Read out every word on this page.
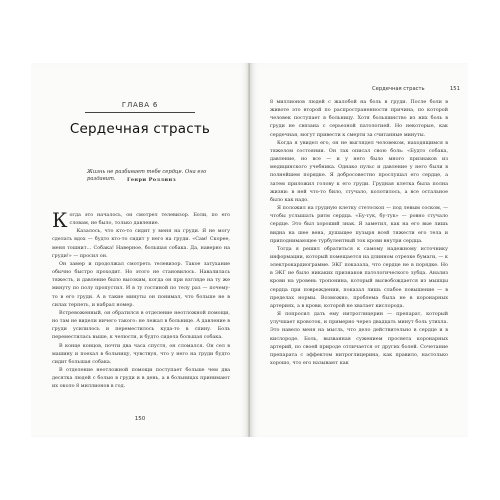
ГЛАВА 6
Сердечная страсть
Жизнь не разбивает тебе сердце. Она его раздавит.	Генри Роллинз

Когда это началось, он смотрел телевизор. Боли, по его словам, не было, только давление.

Казалось, что кто-то сидит у меня на груди. Я не могу сделать вдох — будто кто-то сидит у него на груди. «Сам! Скорее, меня тошнит… Собака! Наверное, большая собака. Да, наверно на груди!» — просил он.

Он замер и продолжал смотреть телевизор. Такое затухание обычно быстро проходит. Но этого не становилось. Навалилась тяжесть, и давление было высоким, когда он при взгляде на ту же минуту по полу пропустил. И в ту гостиной по телу раз — почему-то в его груди. А в такие минуты он понимал, что больше не в силах терпеть, и набрал номер.

Встревоженный, он обратился в отделение неотложной помощи, но там не видели ничего такого: не лежал в больнице. А давление в груди усилилось и переместилось куда-то в спину. Боль переместилась выше, к челюсти, и будто сидела большая собака.

В конце концов, почти два часа спустя, он сломался. Он сел в машину и поехал в больницу, чувствуя, что у него на груди будто сидит большая собака.

В отделение неотложной помощи поступает больше чем два десятка людей с болью в груди и в день, а в больницах принимают их около 8 миллионов в год.

150
Сердечная страсть	151

8 миллионов людей с жалобой на боль в груди. После боли в животе это второй по распространенности причина, по которой человек поступает в больницу. Хотя большинство из них боль в груди не связана с серьезной патологией. Но некоторые, как сердечная, могут привести к смерти за считанные минуты.

Когда я увидел его, он не выглядел человеком, находящимся в тяжелом состоянии. Он так описал свою боль: «Будто собака, давление, но все — и у него было много признаков из медицинского учебника. Однако пульс и давление у него были в полнейшем порядке. Я добросовестно прослушал его сердце, а затем приложил голову к его груди. Грудная клетка была полна жизни: в ней что-то било, стучало, колотилось, а все остальное было как надо.

Я положил на грудную клетку стетоскоп — под левым соском, — чтобы услышать ритм сердца. «Бу-тук, бу-тук» — ровно стучало сердце. Это был хороший знак. Я заметил, как на его вые лишь видна на шее вена, душащее пузыря всей тяжести его тела и приподнимающее турбулентный ток крови внутри сердца.

Тогда я решил обратиться к самому надежному источнику информации, который помещается на длинном отрезке бумаги, — к электрокардиограмме. ЭКГ показала, что сердце не в порядке. Но в ЭКГ не было никаких признаков патологического зубца. Анализ крови на уровень тропонина, который высвобождается из мышцы сердца при повреждении, показал лишь слабое повышение — в пределах нормы. Возможно, проблема была не в коронарных артериях, а в крови, которой не хватает кислорода.

Я попросил дать ему нитроглицерин — препарат, который улучшает кровоток, и примерно через двадцать минут боль утихла. Это навело меня на мысль, что дело действительно в сердце и в кислороде. Боль, вызванная сужением просвета коронарных артерий, по своей природе отличается от других болей. Сочетание препарата с эффектом нитроглицерина, как правило, настолько хорошо, что его называют как
